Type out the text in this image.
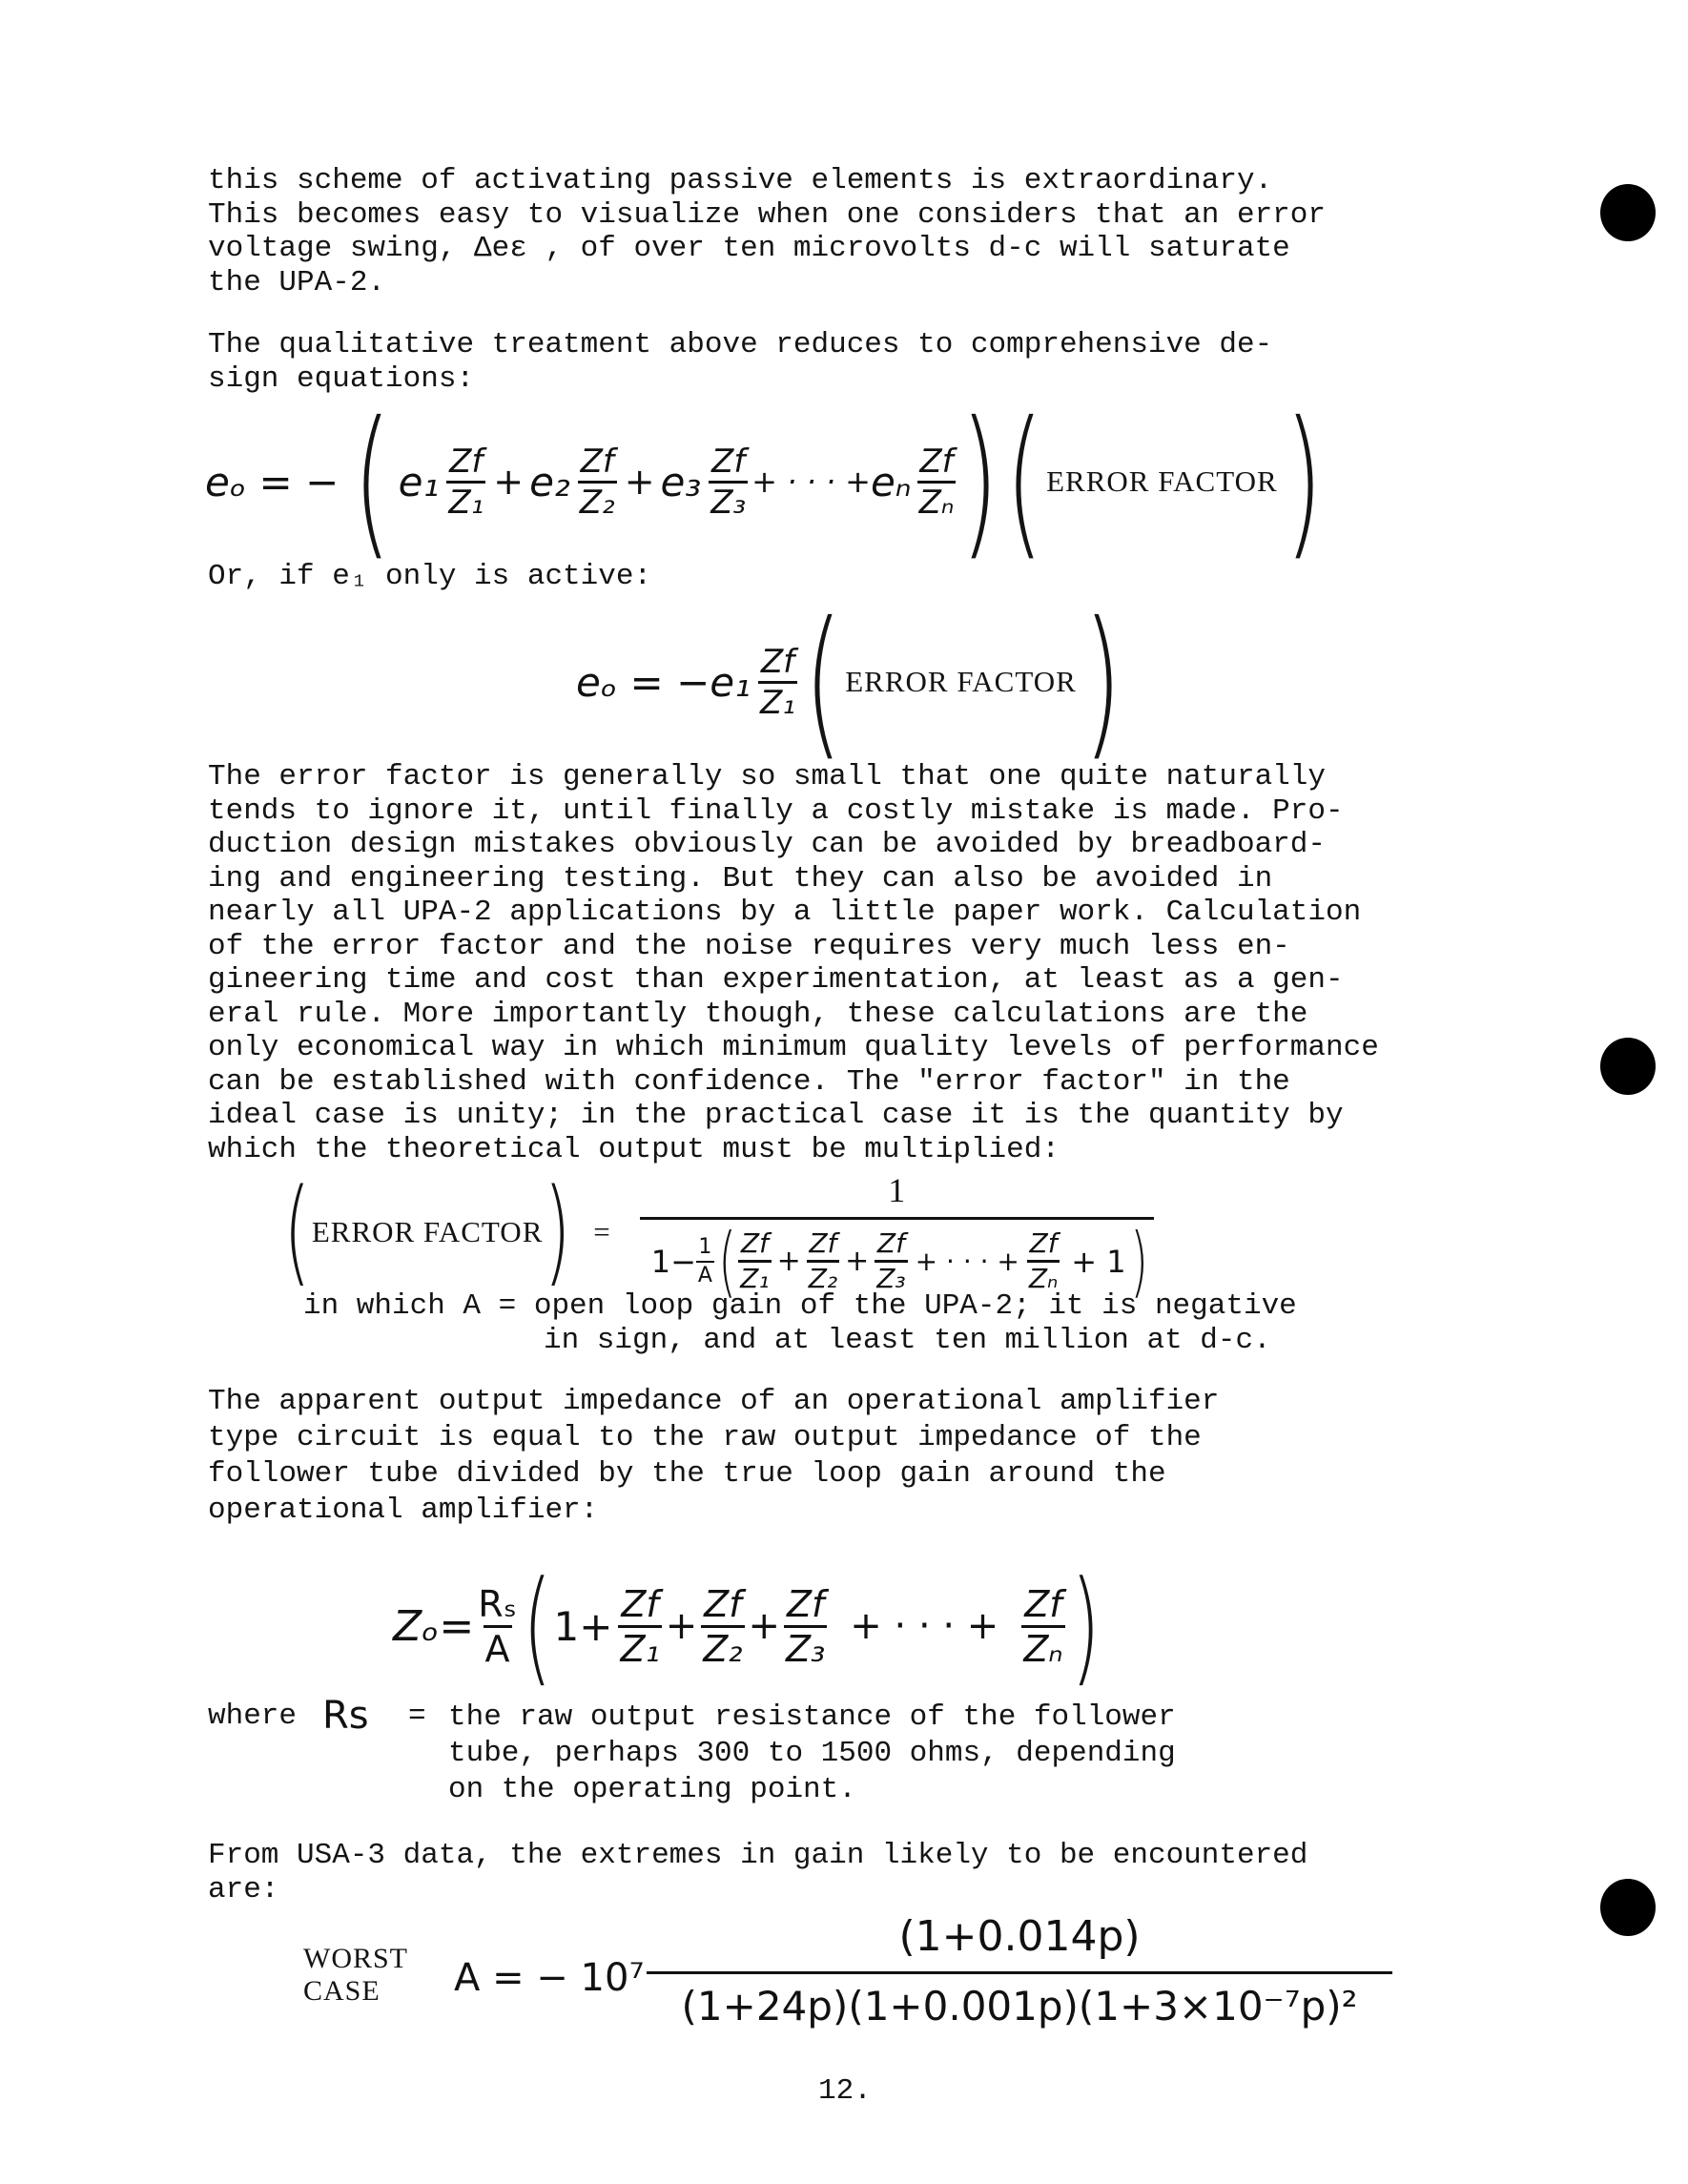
this scheme of activating passive elements is extraordinary.
This becomes easy to visualize when one considers that an error
voltage swing, Δeε , of over ten microvolts d-c will saturate
the UPA-2.
The qualitative treatment above reduces to comprehensive de-
sign equations:
eₒ = − ( $e_1 \frac{Zf}{\text{Z₁}} + e_2 \frac{Zf}{\text{Z₂}} + e_3 \frac{Zf}{\text{Z₃}}$ + · · · + eₙ $\frac{Zf}{\text{Zₙ}}$ ) ( ERROR FACTOR )
Or, if e₁ only is active:
$e_o = -e_1 \frac{Zf}{\text{Z₁}}$ ( ERROR FACTOR )
The error factor is generally so small that one quite naturally
tends to ignore it, until finally a costly mistake is made. Pro-
duction design mistakes obviously can be avoided by breadboard-
ing and engineering testing. But they can also be avoided in
nearly all UPA-2 applications by a little paper work. Calculation
of the error factor and the noise requires very much less en-
gineering time and cost than experimentation, at least as a gen-
eral rule. More importantly though, these calculations are the
only economical way in which minimum quality levels of performance
can be established with confidence. The "error factor" in the
ideal case is unity; in the practical case it is the quantity by
which the theoretical output must be multiplied:
( ERROR FACTOR ) =
1
$1- \frac{1}{A}$ ( $\frac{Zf}{\text{Z₁}} + \frac{Zf}{\text{Z₂}} + \frac{Zf}{\text{Z₃}}$ + · · · + $\frac{Zf}{\text{Zₙ}} + 1$ )
in which A = open loop gain of the UPA-2; it is negative
in sign, and at least ten million at d-c.
The apparent output impedance of an operational amplifier
type circuit is equal to the raw output impedance of the
follower tube divided by the true loop gain around the
operational amplifier:
$Z_o= \frac{\text{Rₛ}}{A}$ ( $1+ \frac{Zf}{\text{Z₁}} + \frac{Zf}{\text{Z₂}} + \frac{Zf}{\text{Z₃}}$ + · · · + $\frac{Zf}{\text{Zₙ}}$ )
where Rs = the raw output resistance of the follower
tube, perhaps 300 to 1500 ohms, depending
on the operating point.
From USA-3 data, the extremes in gain likely to be encountered
are:
WORST
CASE	A = − 10⁷
(1+0.014p)
(1+24p)(1+0.001p)(1+3×10⁻⁷p)²
12.
